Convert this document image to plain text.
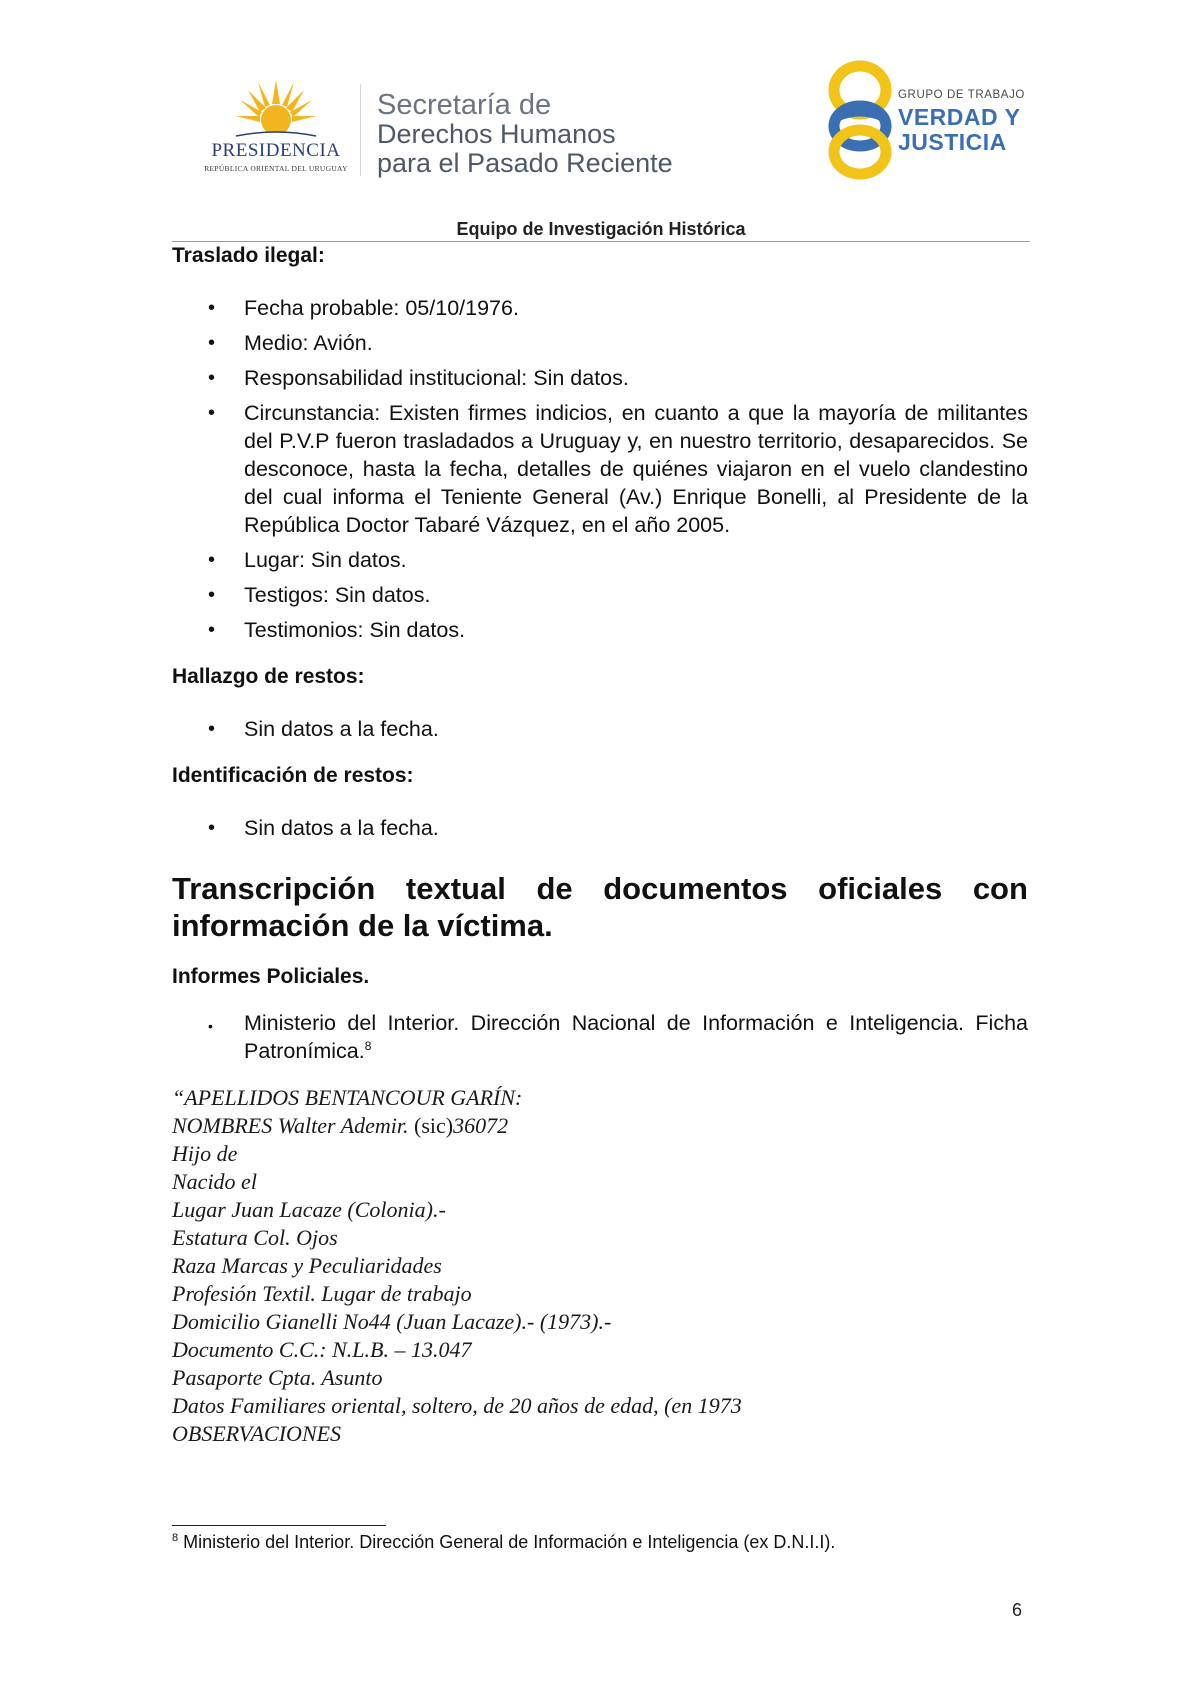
PRESIDENCIA
REPÚBLICA ORIENTAL DEL URUGUAY
Secretaría de
Derechos Humanos
para el Pasado Reciente
GRUPO DE TRABAJO
VERDAD Y
JUSTICIA
Equipo de Investigación Histórica
Traslado ilegal:
• Fecha probable: 05/10/1976.
• Medio: Avión.
• Responsabilidad institucional: Sin datos.
• Circunstancia: Existen firmes indicios, en cuanto a que la mayoría de militantes del P.V.P fueron trasladados a Uruguay y, en nuestro territorio, desaparecidos. Se desconoce, hasta la fecha, detalles de quiénes viajaron en el vuelo clandestino del cual informa el Teniente General (Av.) Enrique Bonelli, al Presidente de la República Doctor Tabaré Vázquez, en el año 2005.
• Lugar: Sin datos.
• Testigos: Sin datos.
• Testimonios: Sin datos.
Hallazgo de restos:
• Sin datos a la fecha.
Identificación de restos:
• Sin datos a la fecha.
Transcripción textual de documentos oficiales con
información de la víctima.
Informes Policiales.
• Ministerio del Interior. Dirección Nacional de Información e Inteligencia. Ficha Patronímica.$^8$
“APELLIDOS BENTANCOUR GARÍN:
NOMBRES Walter Ademir. (sic)36072
Hijo de
Nacido el
Lugar Juan Lacaze (Colonia).-
Estatura Col. Ojos
Raza Marcas y Peculiaridades
Profesión Textil. Lugar de trabajo
Domicilio Gianelli No44 (Juan Lacaze).- (1973).-
Documento C.C.: N.L.B. – 13.047
Pasaporte Cpta. Asunto
Datos Familiares oriental, soltero, de 20 años de edad, (en 1973
OBSERVACIONES
$^8$ Ministerio del Interior. Dirección General de Información e Inteligencia (ex D.N.I.I).
6
